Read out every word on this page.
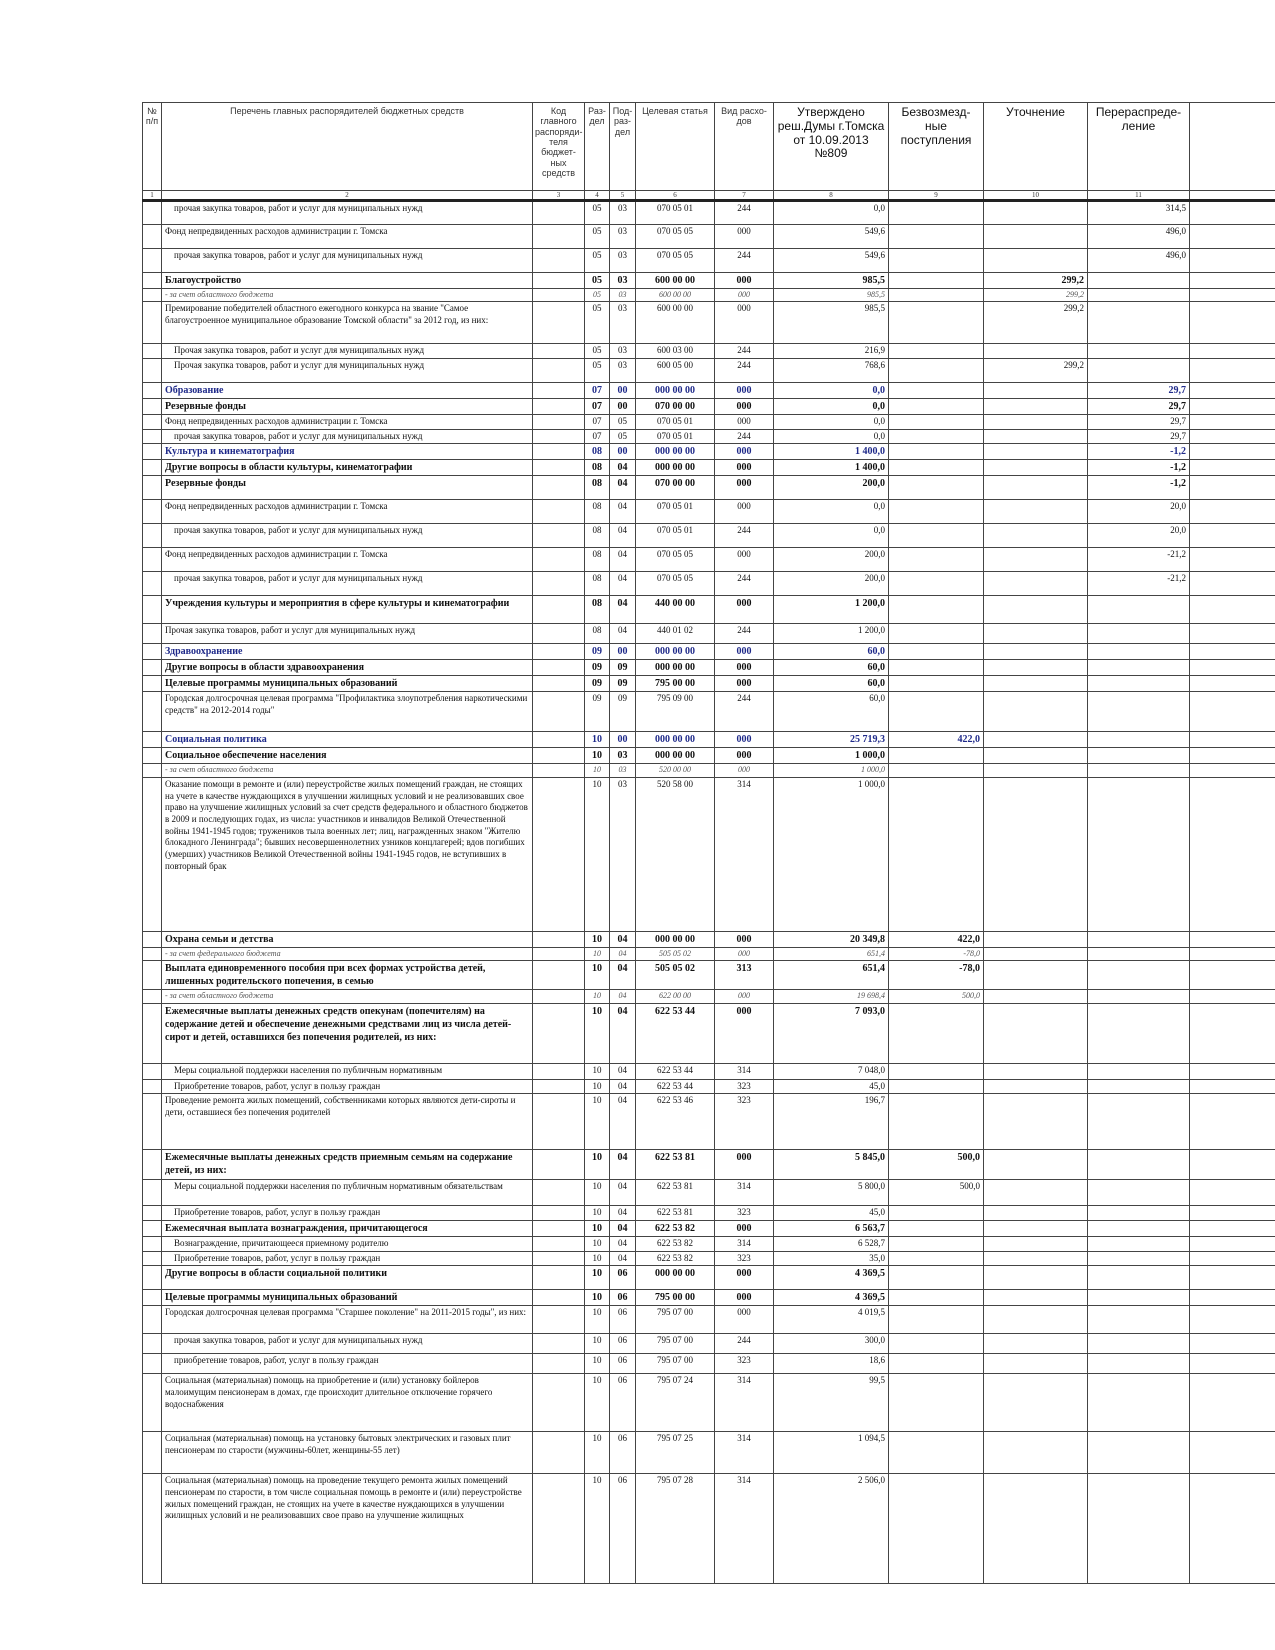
№ п/п	Перечень главных распорядителей бюджетных средств	Код главного распоряди-теля бюджет-ных средств	Раз-дел	Под-раз-дел	Целевая статья	Вид расхо-дов	Утверждено реш.Думы г.Томска от 10.09.2013 №809	Безвозмезд-ные поступления	Уточнение	Перераспреде-ление	
1	2	3	4	5	6	7	8	9	10	11	
	прочая закупка товаров, работ и услуг для муниципальных нужд		05	03	070 05 01	244	0,0			314,5	
	Фонд непредвиденных расходов администрации г. Томска		05	03	070 05 05	000	549,6			496,0	
	прочая закупка товаров, работ и услуг для муниципальных нужд		05	03	070 05 05	244	549,6			496,0	
	Благоустройство		05	03	600 00 00	000	985,5		299,2		
	- за счет областного бюджета		05	03	600 00 00	000	985,5		299,2		
	Премирование победителей областного ежегодного конкурса на звание "Самое благоустроенное муниципальное образование Томской области" за 2012 год, из них:		05	03	600 00 00	000	985,5		299,2		
	Прочая закупка товаров, работ и услуг для муниципальных нужд		05	03	600 03 00	244	216,9				
	Прочая закупка товаров, работ и услуг для муниципальных нужд		05	03	600 05 00	244	768,6		299,2		
	Образование		07	00	000 00 00	000	0,0			29,7	
	Резервные фонды		07	00	070 00 00	000	0,0			29,7	
	Фонд непредвиденных расходов администрации г. Томска		07	05	070 05 01	000	0,0			29,7	
	прочая закупка товаров, работ и услуг для муниципальных нужд		07	05	070 05 01	244	0,0			29,7	
	Культура и кинематография		08	00	000 00 00	000	1 400,0			-1,2	
	Другие вопросы в области культуры, кинематографии		08	04	000 00 00	000	1 400,0			-1,2	
	Резервные фонды		08	04	070 00 00	000	200,0			-1,2	
	Фонд непредвиденных расходов администрации г. Томска		08	04	070 05 01	000	0,0			20,0	
	прочая закупка товаров, работ и услуг для муниципальных нужд		08	04	070 05 01	244	0,0			20,0	
	Фонд непредвиденных расходов администрации г. Томска		08	04	070 05 05	000	200,0			-21,2	
	прочая закупка товаров, работ и услуг для муниципальных нужд		08	04	070 05 05	244	200,0			-21,2	
	Учреждения культуры и мероприятия в сфере культуры и кинематографии		08	04	440 00 00	000	1 200,0				
	Прочая закупка товаров, работ и услуг для муниципальных нужд		08	04	440 01 02	244	1 200,0				
	Здравоохранение		09	00	000 00 00	000	60,0				
	Другие вопросы в области здравоохранения		09	09	000 00 00	000	60,0				
	Целевые программы муниципальных образований		09	09	795 00 00	000	60,0				
	Городская долгосрочная целевая программа "Профилактика злоупотребления наркотическими средств" на 2012-2014 годы"		09	09	795 09 00	244	60,0				
	Социальная политика		10	00	000 00 00	000	25 719,3	422,0			
	Социальное обеспечение населения		10	03	000 00 00	000	1 000,0				
	- за счет областного бюджета		10	03	520 00 00	000	1 000,0				
	Оказание помощи в ремонте и (или) переустройстве жилых помещений граждан, не стоящих на учете в качестве нуждающихся в улучшении жилищных условий и не реализовавших свое право на улучшение жилищных условий за счет средств федерального и областного бюджетов в 2009 и последующих годах, из числа: участников и инвалидов Великой Отечественной войны 1941-1945 годов; тружеников тыла военных лет; лиц, награжденных знаком "Жителю блокадного Ленинграда"; бывших несовершеннолетних узников концлагерей; вдов погибших (умерших) участников Великой Отечественной войны 1941-1945 годов, не вступивших в повторный брак		10	03	520 58 00	314	1 000,0				
	Охрана семьи и детства		10	04	000 00 00	000	20 349,8	422,0			
	- за счет федерального бюджета		10	04	505 05 02	000	651,4	-78,0			
	Выплата единовременного пособия при всех формах устройства детей, лишенных родительского попечения, в семью		10	04	505 05 02	313	651,4	-78,0			
	- за счет областного бюджета		10	04	622 00 00	000	19 698,4	500,0			
	Ежемесячные выплаты денежных средств опекунам (попечителям) на содержание детей и обеспечение денежными средствами лиц из числа детей-сирот и детей, оставшихся без попечения родителей, из них:		10	04	622 53 44	000	7 093,0				
	Меры социальной поддержки населения по публичным нормативным		10	04	622 53 44	314	7 048,0				
	Приобретение товаров, работ, услуг в пользу граждан		10	04	622 53 44	323	45,0				
	Проведение ремонта жилых помещений, собственниками которых являются дети-сироты и дети, оставшиеся без попечения родителей		10	04	622 53 46	323	196,7				
	Ежемесячные выплаты денежных средств приемным семьям на содержание детей, из них:		10	04	622 53 81	000	5 845,0	500,0			
	Меры социальной поддержки населения по публичным нормативным обязательствам		10	04	622 53 81	314	5 800,0	500,0			
	Приобретение товаров, работ, услуг в пользу граждан		10	04	622 53 81	323	45,0				
	Ежемесячная выплата вознаграждения, причитающегося		10	04	622 53 82	000	6 563,7				
	Вознаграждение, причитающееся приемному родителю		10	04	622 53 82	314	6 528,7				
	Приобретение товаров, работ, услуг в пользу граждан		10	04	622 53 82	323	35,0				
	Другие вопросы в области социальной политики		10	06	000 00 00	000	4 369,5				
	Целевые программы муниципальных образований		10	06	795 00 00	000	4 369,5				
	Городская долгосрочная целевая программа "Старшее поколение" на 2011-2015 годы", из них:		10	06	795 07 00	000	4 019,5				
	прочая закупка товаров, работ и услуг для муниципальных нужд		10	06	795 07 00	244	300,0				
	приобретение товаров, работ, услуг в пользу граждан		10	06	795 07 00	323	18,6				
	Социальная (материальная) помощь на приобретение и (или) установку бойлеров малоимущим пенсионерам в домах, где происходит длительное отключение горячего водоснабжения		10	06	795 07 24	314	99,5				
	Социальная (материальная) помощь на установку бытовых электрических и газовых плит пенсионерам по старости (мужчины-60лет, женщины-55 лет)		10	06	795 07 25	314	1 094,5				
	Социальная (материальная) помощь на проведение текущего ремонта жилых помещений пенсионерам по старости, в том числе социальная помощь в ремонте и (или) переустройстве жилых помещений граждан, не стоящих на учете в качестве нуждающихся в улучшении жилищных условий и не реализовавших свое право на улучшение жилищных		10	06	795 07 28	314	2 506,0				
